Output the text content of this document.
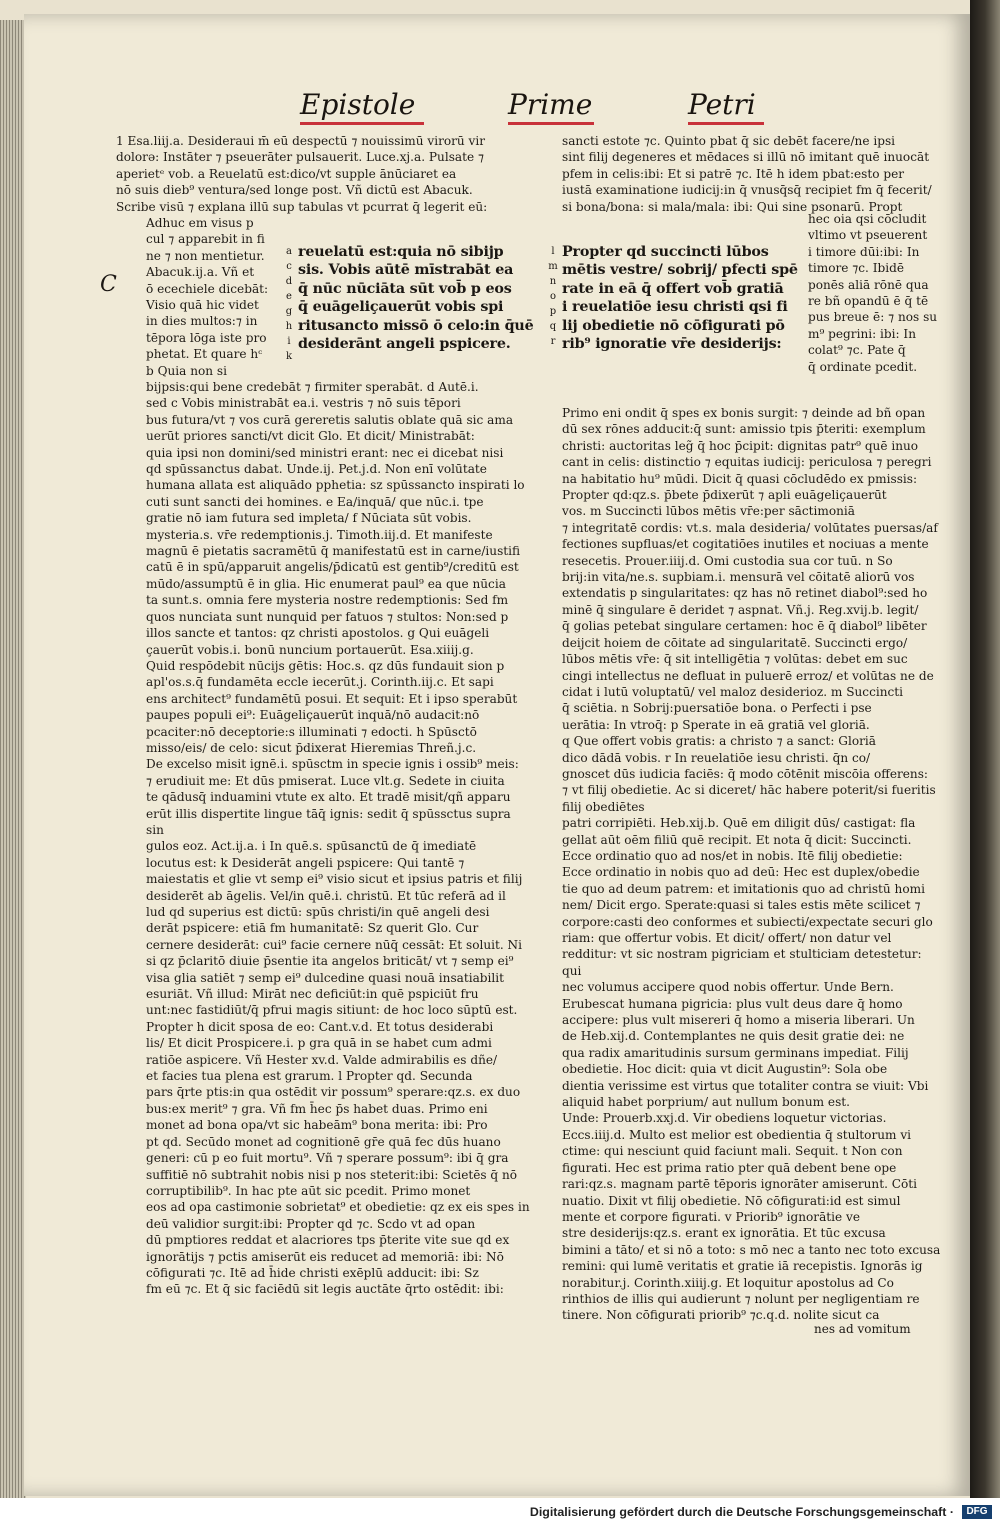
Epistole	Prime	Petri
C
1 Esa.liij.a. Desideraui m̄ eū despectū ⁊ nouissimū virorū vir
dolorǝ: Instāter ⁊ pseuerāter pulsauerit. Luce.xj.a. Pulsate ⁊
aperietᵉ vob. a Reuelatū est:dico/vt supple ānūciaret ea
nō suis dieb⁹ ventura/sed longe post. Vñ dictū est Abacuk.
Scribe visū ⁊ explana illū sup tabulas vt pcurrat q̄ legerit eū:
Adhuc em visus p
cul ⁊ apparebit in fi
ne ⁊ non mentietur.
Abacuk.ij.a. Vñ et
ō ecechiele dicebāt:
Visio quā hic videt
in dies multos:⁊ in
tēpora lōga iste pro
phetat. Et quare hᶜ
b Quia non si
a
c
d
e
g
h
i
k
reuelatū est:quia nō sibijp
sis. Vobis aūtē mīstrabāt ea
q̄ nūc nūciāta sūt vob̄ p eos
q̄ euāgeliçauerūt vobis spi
ritusancto missō ō celo:in q̄uē
desiderānt angeli pspicere.
bijpsis:qui bene credebāt ⁊ firmiter sperabāt. d Autē.i.
sed c Vobis ministrabāt ea.i. vestris ⁊ nō suis tēpori
bus futura/vt ⁊ vos curā gereretis salutis oblate quā sic ama
uerūt priores sancti/vt dicit Glo. Et dicit/ Ministrabāt:
quia ipsi non domini/sed ministri erant: nec ei dicebat nisi
qd spūssanctus dabat. Unde.ij. Pet.j.d. Non enī volūtate
humana allata est aliquādo pphetia: sz spūssancto inspirati lo
cuti sunt sancti dei homines. e Ea/inquā/ que nūc.i. tpe
gratie nō iam futura sed impleta/ f Nūciata sūt vobis.
mysteria.s. vr̄e redemptionis.j. Timoth.iij.d. Et manifeste
magnū ē pietatis sacramētū q̄ manifestatū est in carne/iustifi
catū ē in spū/apparuit angelis/p̄dicatū est gentib⁹/creditū est
mūdo/assumptū ē in glia. Hic enumerat paul⁹ ea que nūcia
ta sunt.s. omnia fere mysteria nostre redemptionis: Sed fm
quos nunciata sunt nunquid per fatuos ⁊ stultos: Non:sed p
illos sancte et tantos: qz christi apostolos. g Qui euāgeli
çauerūt vobis.i. bonū nuncium portauerūt. Esa.xiiij.g.
Quid respōdebit nūcijs gētis: Hoc.s. qz dūs fundauit sion p
apl'os.s.q̄ fundamēta eccle iecerūt.j. Corinth.iij.c. Et sapi
ens architect⁹ fundamētū posui. Et sequit: Et i ipso sperabūt
paupes populi ei⁹: Euāgeliçauerūt inquā/nō audacit:nō
pcaciter:nō deceptorie:s illuminati ⁊ edocti. h Spūsctō
misso/eis/ de celo: sicut p̄dixerat Hieremias Threñ.j.c.
De excelso misit ignē.i. spūsctm in specie ignis i ossib⁹ meis:
⁊ erudiuit me: Et dūs pmiserat. Luce vlt.g. Sedete in ciuita
te qādusq̄ induamini vtute ex alto. Et tradē misit/qñ apparu
erūt illis dispertite lingue tāq̄ ignis: sedit q̄ spūssctus supra sin
gulos eoz. Act.ij.a. i In quē.s. spūsanctū de q̄ imediatē
locutus est: k Desiderāt angeli pspicere: Qui tantē ⁊
maiestatis et glie vt semp ei⁹ visio sicut et ipsius patris et filij
desiderēt ab āgelis. Vel/in quē.i. christū. Et tūc referā ad il
lud qd superius est dictū: spūs christi/in quē angeli desi
derāt pspicere: etiā fm humanitatē: Sz querit Glo. Cur
cernere desiderāt: cui⁹ facie cernere nūq̄ cessāt: Et soluit. Ni
si qz p̄claritō diuie p̄sentie ita angelos briticāt/ vt ⁊ semp ei⁹
visa glia satiēt ⁊ semp ei⁹ dulcedine quasi nouā insatiabilit
esuriāt. Vñ illud: Mirāt nec deficiūt:in quē pspiciūt fru
unt:nec fastidiūt/q̄ pfrui magis sitiunt: de hoc loco sūptū est.
Propter h dicit sposa de eo: Cant.v.d. Et totus desiderabi
lis/ Et dicit Prospicere.i. p gra quā in se habet cum admi
ratiōe aspicere. Vñ Hester xv.d. Valde admirabilis es dñe/
et facies tua plena est grarum. l Propter qd. Secunda
pars q̄rte ptis:in qua ostēdit vir possum⁹ sperare:qz.s. ex duo
bus:ex merit⁹ ⁊ gra. Vñ fm h̄ec p̄s habet duas. Primo eni
monet ad bona opa/vt sic habeām⁹ bona merita: ibi: Pro
pt qd. Secūdo monet ad cognitionē gr̄e quā fec dūs huano
generi: cū p eo fuit mortu⁹. Vñ ⁊ sperare possum⁹: ibi q̄ gra
suffitiē nō subtrahit nobis nisi p nos steterit:ibi: Scietēs q̄ nō
corruptibilib⁹. In hac pte aūt sic pcedit. Primo monet
eos ad opa castimonie sobrietat⁹ et obedietie: qz ex eis spes in
deū validior surgit:ibi: Propter qd ⁊c. Scdo vt ad opan
dū pmptiores reddat et alacriores tps p̄terite vite sue qd ex
ignorātijs ⁊ pctis amiserūt eis reducet ad memoriā: ibi: Nō
cōfigurati ⁊c. Itē ad h̄ide christi exēplū adducit: ibi: Sz
fm eū ⁊c. Et q̄ sic faciēdū sit legis auctāte q̄rto ostēdit: ibi:
sancti estote ⁊c. Quinto pbat q̄ sic debēt facere/ne ipsi
sint filij degeneres et mēdaces si illū nō imitant quē inuocāt
pfem in celis:ibi: Et si patrē ⁊c. Itē h idem pbat:esto per
iustā examinatione iudicij:in q̄ vnusq̄sq̄ recipiet fm q̄ fecerit/
si bona/bona: si mala/mala: ibi: Qui sine psonarū. Propt
l
m
n
o
p
q
r
Propter qd succincti lūbos
mētis vestre/ sobrij/ pfecti spē
rate in eā q̄ offert vob̄ gratiā
i reuelatiōe iesu christi qsi fi
lij obedietie nō cōfigurati pō
rib⁹ ignoratie vr̄e desiderijs:
hec oia qsi cōcludit
vltimo vt pseuerent
i timore dūi:ibi: In
timore ⁊c. Ibidē
ponēs aliā rōnē qua
re bñ opandū ē q̄ tē
pus breue ē: ⁊ nos su
m⁹ pegrini: ibi: In
colat⁹ ⁊c. Pate q̄
q̄ ordinate pcedit.
Primo eni ondit q̄ spes ex bonis surgit: ⁊ deinde ad bñ opan
dū sex rōnes adducit:q̄ sunt: amissio tpis p̄teriti: exemplum
christi: auctoritas leg̃ q̄ hoc p̄cipit: dignitas patr⁹ quē inuo
cant in celis: distinctio ⁊ equitas iudicij: periculosa ⁊ peregri
na habitatio hu⁹ mūdi. Dicit q̄ quasi cōcludēdo ex pmissis:
Propter qd:qz.s. p̄bete p̄dixerūt ⁊ apli euāgeliçauerūt
vos. m Succincti lūbos mētis vr̄e:per sāctimoniā
⁊ integritatē cordis: vt.s. mala desideria/ volūtates puersas/af
fectiones supfluas/et cogitatiōes inutiles et nociuas a mente
resecetis. Prouer.iiij.d. Omi custodia sua cor tuū. n So
brij:in vita/ne.s. supbiam.i. mensurā vel cōitatē aliorū vos
extendatis p singularitates: qz has nō retinet diabol⁹:sed ho
minē q̄ singulare ē deridet ⁊ aspnat. Vñ.j. Reg.xvij.b. legit/
q̄ golias petebat singulare certamen: hoc ē q̄ diabol⁹ libēter
deijcit hoiem de cōitate ad singularitatē. Succincti ergo/
lūbos mētis vr̄e: q̄ sit intelligētia ⁊ volūtas: debet em suc
cingi intellectus ne defluat in puluerē erroz/ et volūtas ne de
cidat i lutū voluptatū/ vel maloz desiderioz. m Succincti
q̄ sciētia. n Sobrij:puersatiōe bona. o Perfecti i pse
uerātia: In vtroq̄: p Sperate in eā gratiā vel gloriā.
q Que offert vobis gratis: a christo ⁊ a sanct: Gloriā
dico dādā vobis. r In reuelatiōe iesu christi. q̄n co/
gnoscet dūs iudicia faciēs: q̄ modo cōtēnit miscōia offerens:
⁊ vt filij obedietie. Ac si diceret/ hāc habere poterit/si fueritis filij obediētes
patri corripiēti. Heb.xij.b. Quē em diligit dūs/ castigat: fla
gellat aūt oēm filiū quē recipit. Et nota q̄ dicit: Succincti.
Ecce ordinatio quo ad nos/et in nobis. Itē filij obedietie:
Ecce ordinatio in nobis quo ad deū: Hec est duplex/obedie
tie quo ad deum patrem: et imitationis quo ad christū homi
nem/ Dicit ergo. Sperate:quasi si tales estis mēte scilicet ⁊
corpore:casti deo conformes et subiecti/expectate securi glo
riam: que offertur vobis. Et dicit/ offert/ non datur vel
redditur: vt sic nostram pigriciam et stulticiam detestetur: qui
nec volumus accipere quod nobis offertur. Unde Bern.
Erubescat humana pigricia: plus vult deus dare q̄ homo
accipere: plus vult misereri q̄ homo a miseria liberari. Un
de Heb.xij.d. Contemplantes ne quis desit gratie dei: ne
qua radix amaritudinis sursum germinans impediat. Filij
obedietie. Hoc dicit: quia vt dicit Augustin⁹: Sola obe
dientia verissime est virtus que totaliter contra se viuit: Vbi
aliquid habet porprium/ aut nullum bonum est.
Unde: Prouerb.xxj.d. Vir obediens loquetur victorias.
Eccs.iiij.d. Multo est melior est obedientia q̄ stultorum vi
ctime: qui nesciunt quid faciunt mali. Sequit. t Non con
figurati. Hec est prima ratio pter quā debent bene ope
rari:qz.s. magnam partē tēporis ignorāter amiserunt. Cōti
nuatio. Dixit vt filij obedietie. Nō cōfigurati:id est simul
mente et corpore figurati. v Priorib⁹ ignorātie ve
stre desiderijs:qz.s. erant ex ignorātia. Et tūc excusa
bimini a tāto/ et si nō a toto: s mō nec a tanto nec toto excusa
remini: qui lumē veritatis et gratie iā recepistis. Ignorās ig
norabitur.j. Corinth.xiiij.g. Et loquitur apostolus ad Co
rinthios de illis qui audierunt ⁊ nolunt per negligentiam re
tinere. Non cōfigurati priorib⁹ ⁊c.q.d. nolite sicut ca
nes ad vomitum
Digitalisierung gefördert durch die Deutsche Forschungsgemeinschaft ·	DFG
